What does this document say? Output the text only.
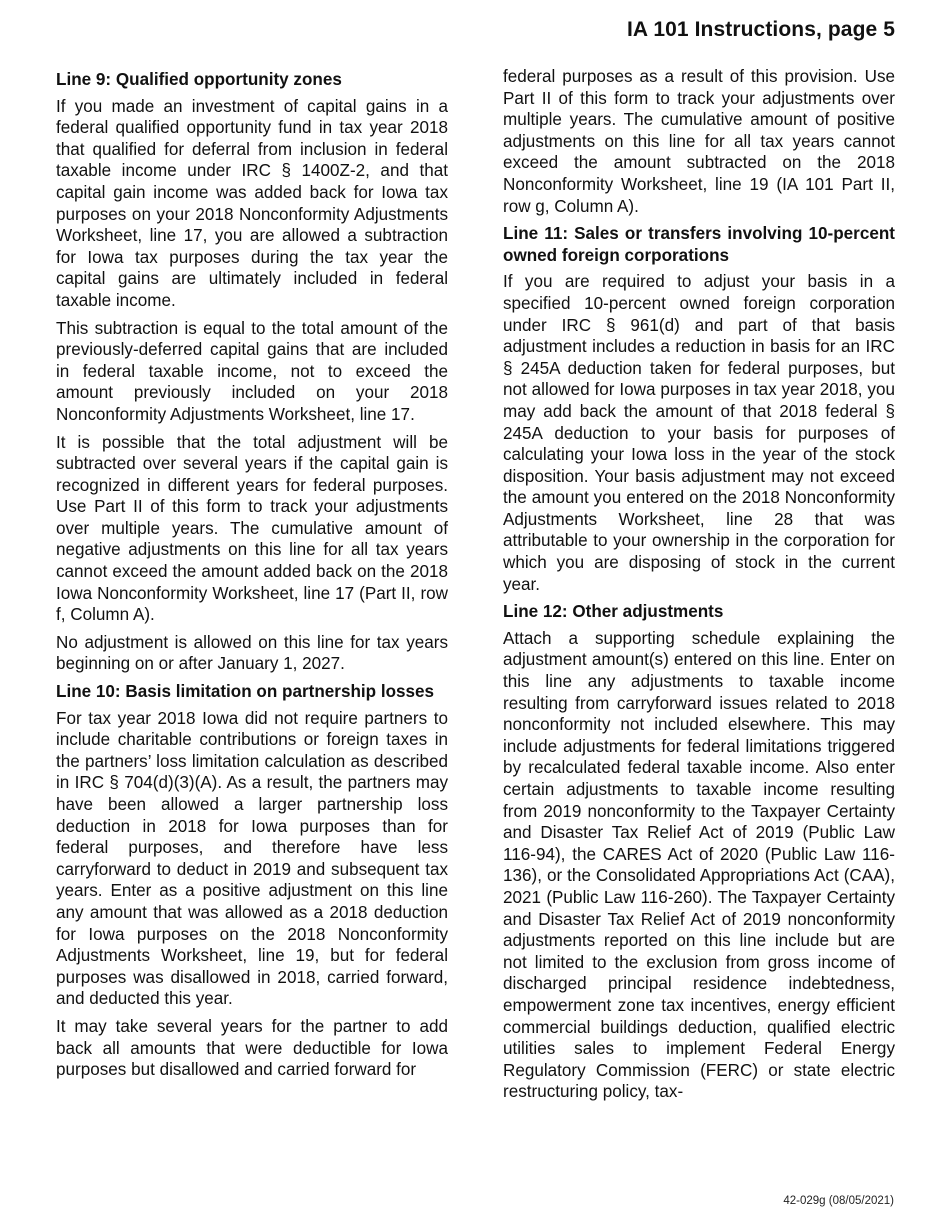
IA 101 Instructions, page 5
Line 9: Qualified opportunity zones

If you made an investment of capital gains in a federal qualified opportunity fund in tax year 2018 that qualified for deferral from inclusion in federal taxable income under IRC § 1400Z-2, and that capital gain income was added back for Iowa tax purposes on your 2018 Nonconformity Adjustments Worksheet, line 17, you are allowed a subtraction for Iowa tax purposes during the tax year the capital gains are ultimately included in federal taxable income.

This subtraction is equal to the total amount of the previously-deferred capital gains that are included in federal taxable income, not to exceed the amount previously included on your 2018 Nonconformity Adjustments Worksheet, line 17.

It is possible that the total adjustment will be subtracted over several years if the capital gain is recognized in different years for federal purposes. Use Part II of this form to track your adjustments over multiple years. The cumulative amount of negative adjustments on this line for all tax years cannot exceed the amount added back on the 2018 Iowa Nonconformity Worksheet, line 17 (Part II, row f, Column A).

No adjustment is allowed on this line for tax years beginning on or after January 1, 2027.

Line 10: Basis limitation on partnership losses

For tax year 2018 Iowa did not require partners to include charitable contributions or foreign taxes in the partners’ loss limitation calculation as described in IRC § 704(d)(3)(A). As a result, the partners may have been allowed a larger partnership loss deduction in 2018 for Iowa purposes than for federal purposes, and therefore have less carryforward to deduct in 2019 and subsequent tax years. Enter as a positive adjustment on this line any amount that was allowed as a 2018 deduction for Iowa purposes on the 2018 Nonconformity Adjustments Worksheet, line 19, but for federal purposes was disallowed in 2018, carried forward, and deducted this year.

It may take several years for the partner to add back all amounts that were deductible for Iowa purposes but disallowed and carried forward for

federal purposes as a result of this provision. Use Part II of this form to track your adjustments over multiple years. The cumulative amount of positive adjustments on this line for all tax years cannot exceed the amount subtracted on the 2018 Nonconformity Worksheet, line 19 (IA 101 Part II, row g, Column A).

Line 11: Sales or transfers involving 10-percent owned foreign corporations

If you are required to adjust your basis in a specified 10-percent owned foreign corporation under IRC § 961(d) and part of that basis adjustment includes a reduction in basis for an IRC § 245A deduction taken for federal purposes, but not allowed for Iowa purposes in tax year 2018, you may add back the amount of that 2018 federal § 245A deduction to your basis for purposes of calculating your Iowa loss in the year of the stock disposition. Your basis adjustment may not exceed the amount you entered on the 2018 Nonconformity Adjustments Worksheet, line 28 that was attributable to your ownership in the corporation for which you are disposing of stock in the current year.

Line 12: Other adjustments

Attach a supporting schedule explaining the adjustment amount(s) entered on this line. Enter on this line any adjustments to taxable income resulting from carryforward issues related to 2018 nonconformity not included elsewhere. This may include adjustments for federal limitations triggered by recalculated federal taxable income. Also enter certain adjustments to taxable income resulting from 2019 nonconformity to the Taxpayer Certainty and Disaster Tax Relief Act of 2019 (Public Law 116-94), the CARES Act of 2020 (Public Law 116-136), or the Consolidated Appropriations Act (CAA), 2021 (Public Law 116-260). The Taxpayer Certainty and Disaster Tax Relief Act of 2019 nonconformity adjustments reported on this line include but are not limited to the exclusion from gross income of discharged principal residence indebtedness, empowerment zone tax incentives, energy efficient commercial buildings deduction, qualified electric utilities sales to implement Federal Energy Regulatory Commission (FERC) or state electric restructuring policy, tax-

42-029g (08/05/2021)
